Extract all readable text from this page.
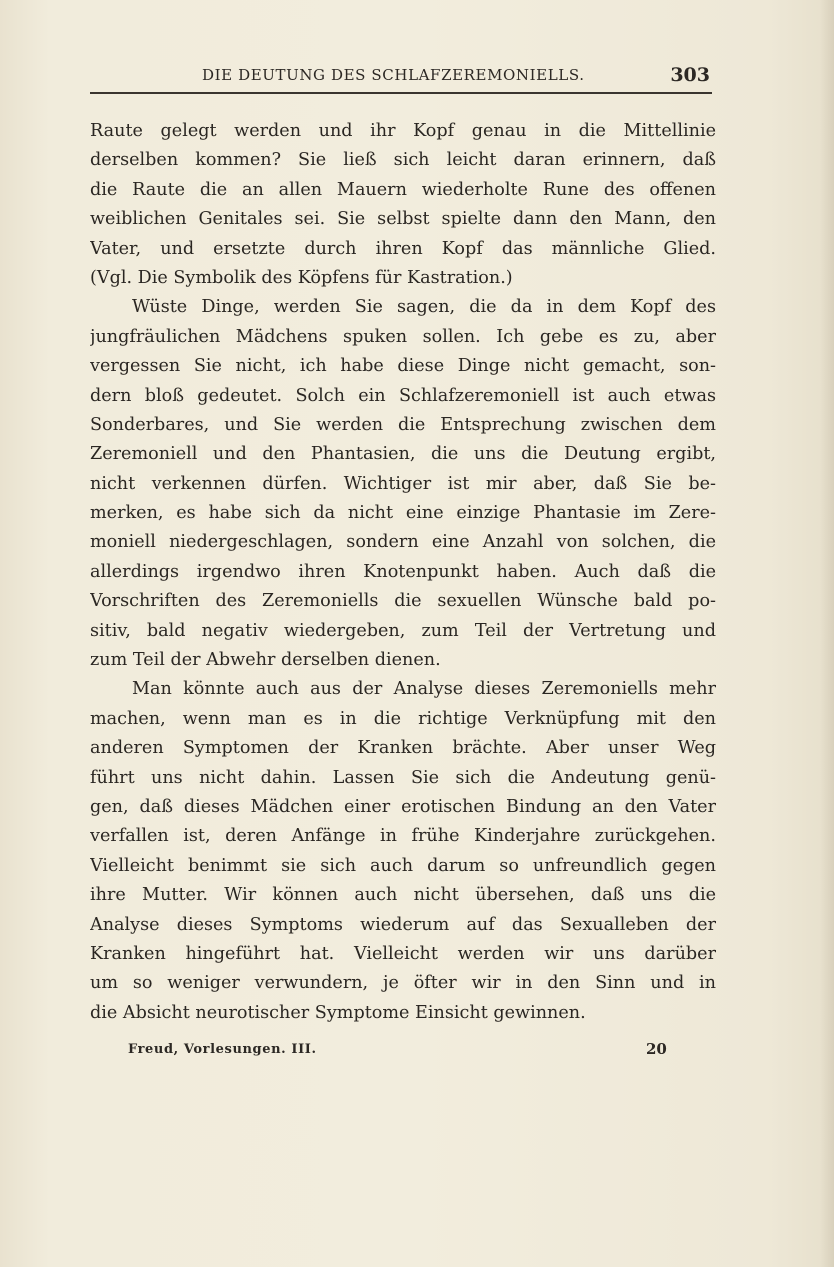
DIE DEUTUNG DES SCHLAFZEREMONIELLS.	303
Raute gelegt werden und ihr Kopf genau in die Mittellinie
derselben kommen? Sie ließ sich leicht daran erinnern, daß
die Raute die an allen Mauern wiederholte Rune des offenen
weiblichen Genitales sei. Sie selbst spielte dann den Mann, den
Vater, und ersetzte durch ihren Kopf das männliche Glied.
(Vgl. Die Symbolik des Köpfens für Kastration.)
Wüste Dinge, werden Sie sagen, die da in dem Kopf des
jungfräulichen Mädchens spuken sollen. Ich gebe es zu, aber
vergessen Sie nicht, ich habe diese Dinge nicht gemacht, son-
dern bloß gedeutet. Solch ein Schlafzeremoniell ist auch etwas
Sonderbares, und Sie werden die Entsprechung zwischen dem
Zeremoniell und den Phantasien, die uns die Deutung ergibt,
nicht verkennen dürfen. Wichtiger ist mir aber, daß Sie be-
merken, es habe sich da nicht eine einzige Phantasie im Zere-
moniell niedergeschlagen, sondern eine Anzahl von solchen, die
allerdings irgendwo ihren Knotenpunkt haben. Auch daß die
Vorschriften des Zeremoniells die sexuellen Wünsche bald po-
sitiv, bald negativ wiedergeben, zum Teil der Vertretung und
zum Teil der Abwehr derselben dienen.
Man könnte auch aus der Analyse dieses Zeremoniells mehr
machen, wenn man es in die richtige Verknüpfung mit den
anderen Symptomen der Kranken brächte. Aber unser Weg
führt uns nicht dahin. Lassen Sie sich die Andeutung genü-
gen, daß dieses Mädchen einer erotischen Bindung an den Vater
verfallen ist, deren Anfänge in frühe Kinderjahre zurückgehen.
Vielleicht benimmt sie sich auch darum so unfreundlich gegen
ihre Mutter. Wir können auch nicht übersehen, daß uns die
Analyse dieses Symptoms wiederum auf das Sexualleben der
Kranken hingeführt hat. Vielleicht werden wir uns darüber
um so weniger verwundern, je öfter wir in den Sinn und in
die Absicht neurotischer Symptome Einsicht gewinnen.
Freud, Vorlesungen. III.	20
